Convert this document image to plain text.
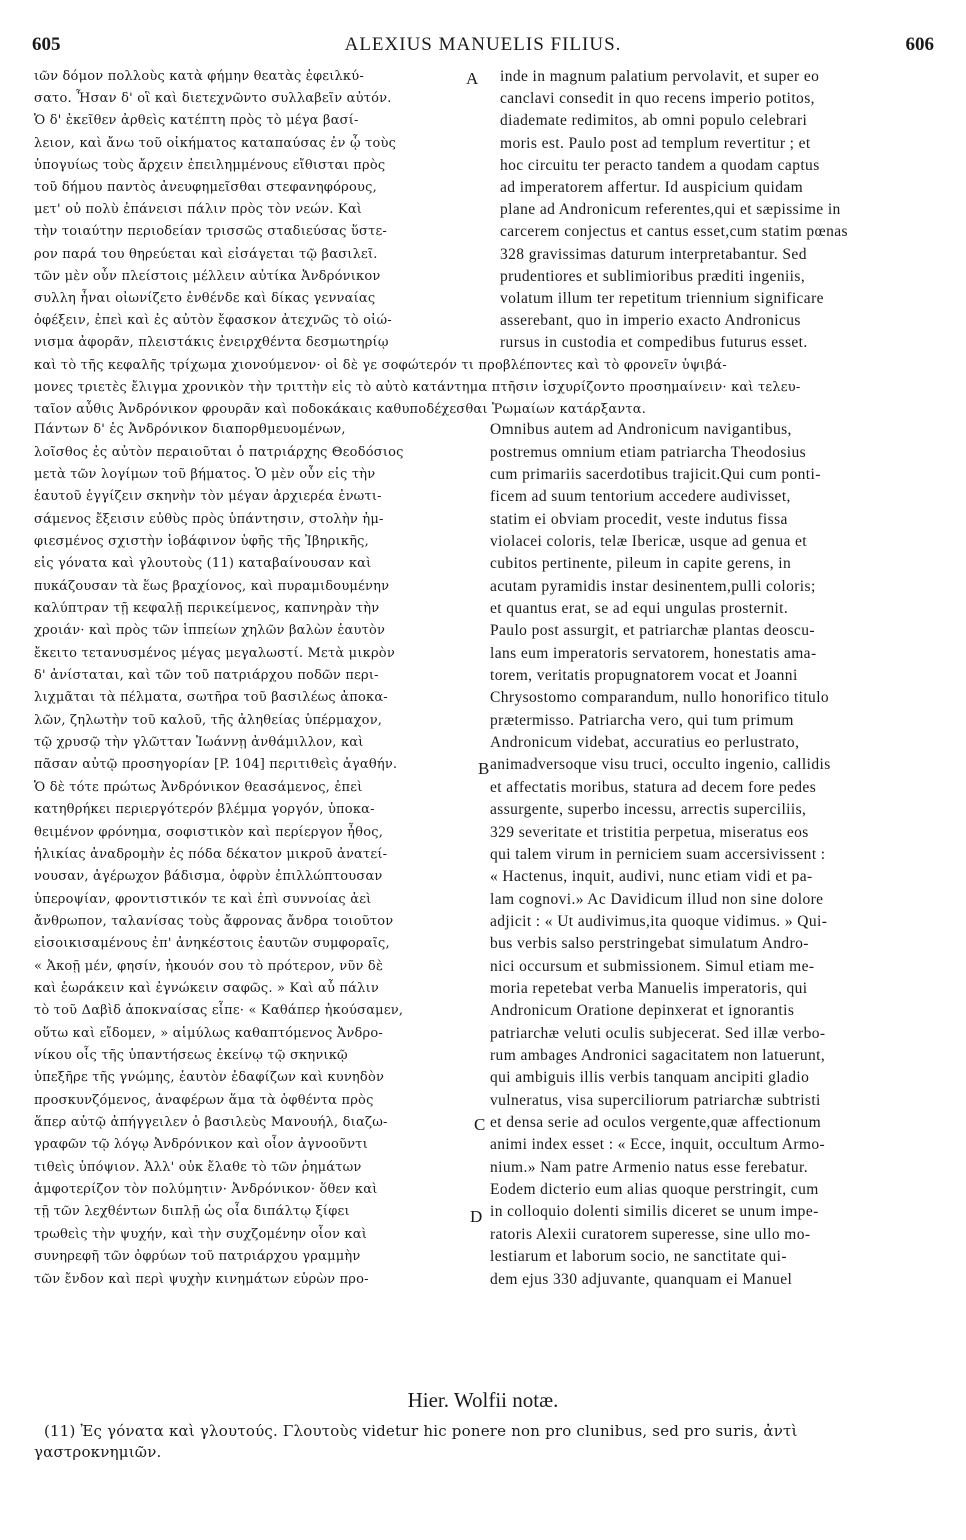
605	ALEXIUS MANUELIS FILIUS.	606
ιῶν δόμον πολλοὺς κατὰ φήμην θεατὰς ἐφειλκύ-
σατο. Ἦσαν δ' οἳ καὶ διετεχνῶντο συλλαβεῖν αὐτόν.
Ὁ δ' ἐκεῖθεν ἀρθεὶς κατέπτη πρὸς τὸ μέγα βασί-
λειον, καὶ ἄνω τοῦ οἰκήματος καταπαύσας ἐν ᾧ τοὺς
ὑπογυίως τοὺς ἄρχειν ἐπειλημμένους εἴθισται πρὸς
τοῦ δήμου παντὸς ἀνευφημεῖσθαι στεφανηφόρους,
μετ' οὐ πολὺ ἐπάνεισι πάλιν πρὸς τὸν νεών. Καὶ
τὴν τοιαύτην περιοδείαν τρισσῶς σταδιεύσας ὕστε-
ρον παρά του θηρεύεται καὶ εἰσάγεται τῷ βασιλεῖ.
τῶν μὲν οὖν πλείστοις μέλλειν αὐτίκα Ἀνδρόνικον
συλλη ἦναι οἰωνίζετο ἐνθένδε καὶ δίκας γενναίας
ὀφέξειν, ἐπεὶ καὶ ἐς αὐτὸν ἔφασκον ἀτεχνῶς τὸ οἰώ-
νισμα ἀφορᾶν, πλειστάκις ἐνειρχθέντα δεσμωτηρίῳ
inde in magnum palatium pervolavit, et super eo
canclavi consedit in quo recens imperio potitos,
diademate redimitos, ab omni populo celebrari
moris est. Paulo post ad templum revertitur ; et
hoc circuitu ter peracto tandem a quodam captus
ad imperatorem affertur. Id auspicium quidam
plane ad Andronicum referentes,qui et sæpissime in
carcerem conjectus et cantus esset,cum statim pœnas
328 gravissimas daturum interpretabantur. Sed
prudentiores et sublimioribus præditi ingeniis,
volatum illum ter repetitum triennium significare
asserebant, quo in imperio exacto Andronicus
rursus in custodia et compedibus futurus esset.
καὶ τὸ τῆς κεφαλῆς τρίχωμα χιονούμενον· οἱ δὲ γε σοφώτερόν τι προβλέποντες καὶ τὸ φρονεῖν ὑψιβά-
μονες τριετὲς ἔλιγμα χρονικὸν τὴν τριττὴν εἰς τὸ αὐτὸ κατάντημα πτῆσιν ἰσχυρίζοντο προσημαίνειν· καὶ τελευ-
ταῖον αὖθις Ἀνδρόνικον φρουρᾶν καὶ ποδοκάκαις καθυποδέχεσθαι Ῥωμαίων κατάρξαντα.
Πάντων δ' ἐς Ἀνδρόνικον διαπορθμευομένων,
λοῖσθος ἐς αὐτὸν περαιοῦται ὁ πατριάρχης Θεοδόσιος
μετὰ τῶν λογίμων τοῦ βήματος. Ὁ μὲν οὖν εἰς τὴν
ἑαυτοῦ ἐγγίζειν σκηνὴν τὸν μέγαν ἀρχιερέα ἐνωτι-
σάμενος ἔξεισιν εὐθὺς πρὸς ὑπάντησιν, στολὴν ἠμ-
φιεσμένος σχιστὴν ἰοβάφινον ὑφῆς τῆς Ἰβηρικῆς,
εἰς γόνατα καὶ γλουτοὺς (11) καταβαίνουσαν καὶ
πυκάζουσαν τὰ ἕως βραχίονος, καὶ πυραμιδουμένην
καλύπτραν τῇ κεφαλῇ περικείμενος, καπνηρὰν τὴν
χροιάν· καὶ πρὸς τῶν ἱππείων χηλῶν βαλὼν ἑαυτὸν
ἔκειτο τετανυσμένος μέγας μεγαλωστί. Μετὰ μικρὸν
δ' ἀνίσταται, καὶ τῶν τοῦ πατριάρχου ποδῶν περι-
λιχμᾶται τὰ πέλματα, σωτῆρα τοῦ βασιλέως ἀποκα-
λῶν, ζηλωτὴν τοῦ καλοῦ, τῆς ἀληθείας ὑπέρμαχον,
τῷ χρυσῷ τὴν γλῶτταν Ἰωάννῃ ἀνθάμιλλον, καὶ
πᾶσαν αὐτῷ προσηγορίαν [P. 104] περιτιθεὶς ἀγαθήν.
Ὁ δὲ τότε πρώτως Ἀνδρόνικον θεασάμενος, ἐπεὶ
κατηθρήκει περιεργότερόν βλέμμα γοργόν, ὑποκα-
θειμένον φρόνημα, σοφιστικὸν καὶ περίεργον ἦθος,
ἡλικίας ἀναδρομὴν ἐς πόδα δέκατον μικροῦ ἀνατεί-
νουσαν, ἀγέρωχον βάδισμα, ὀφρὺν ἐπιλλώπτουσαν
ὑπεροψίαν, φροντιστικόν τε καὶ ἐπὶ συννοίας ἀεὶ
ἄνθρωπον, ταλανίσας τοὺς ἄφρονας ἄνδρα τοιοῦτον
εἰσοικισαμένους ἐπ' ἀνηκέστοις ἑαυτῶν συμφοραῖς,
« Ἀκοῇ μέν, φησίν, ἠκουόν σου τὸ πρότερον, νῦν δὲ
καὶ ἑωράκειν καὶ ἐγνώκειν σαφῶς. » Καὶ αὖ πάλιν
τὸ τοῦ Δαβὶδ ἀποκναίσας εἶπε· « Καθάπερ ἠκούσαμεν,
οὕτω καὶ εἴδομεν, » αἱμύλως καθαπτόμενος Ἀνδρο-
νίκου οἷς τῆς ὑπαντήσεως ἐκείνῳ τῷ σκηνικῷ
ὑπεξῆρε τῆς γνώμης, ἑαυτὸν ἐδαφίζων καὶ κυνηδὸν
προσκυνζόμενος, ἀναφέρων ἅμα τὰ ὀφθέντα πρὸς
ἅπερ αὐτῷ ἀπήγγειλεν ὁ βασιλεὺς Μανουήλ, διαζω-
γραφῶν τῷ λόγῳ Ἀνδρόνικον καὶ οἷον ἀγνοοῦντι
τιθεὶς ὑπόψιον. Ἀλλ' οὐκ ἔλαθε τὸ τῶν ῥημάτων
ἀμφοτερίζον τὸν πολύμητιν· Ἀνδρόνικον· ὅθεν καὶ
τῇ τῶν λεχθέντων διπλῇ ὡς οἷα διπάλτῳ ξίφει
τρωθεὶς τὴν ψυχήν, καὶ τὴν συχζομένην οἷον καὶ
συνηρεφῆ τῶν ὀφρύων τοῦ πατριάρχου γραμμὴν
τῶν ἔνδον καὶ περὶ ψυχὴν κινημάτων εὑρὼν προ-
Omnibus autem ad Andronicum navigantibus,
postremus omnium etiam patriarcha Theodosius
cum primariis sacerdotibus trajicit.Qui cum ponti-
ficem ad suum tentorium accedere audivisset,
statim ei obviam procedit, veste indutus fissa
violacei coloris, telæ Ibericæ, usque ad genua et
cubitos pertinente, pileum in capite gerens, in
acutam pyramidis instar desinentem,pulli coloris;
et quantus erat, se ad equi ungulas prosternit.
Paulo post assurgit, et patriarchæ plantas deoscu-
lans eum imperatoris servatorem, honestatis ama-
torem, veritatis propugnatorem vocat et Joanni
Chrysostomo comparandum, nullo honorifico titulo
prætermisso. Patriarcha vero, qui tum primum
Andronicum videbat, accuratius eo perlustrato,
animadversoque visu truci, occulto ingenio, callidis
et affectatis moribus, statura ad decem fore pedes
assurgente, superbo incessu, arrectis superciliis,
329 severitate et tristitia perpetua, miseratus eos
qui talem virum in perniciem suam accersivissent :
« Hactenus, inquit, audivi, nunc etiam vidi et pa-
lam cognovi.» Ac Davidicum illud non sine dolore
adjicit : « Ut audivimus,ita quoque vidimus. » Qui-
bus verbis salso perstringebat simulatum Andro-
nici occursum et submissionem. Simul etiam me-
moria repetebat verba Manuelis imperatoris, qui
Andronicum Oratione depinxerat et ignorantis
patriarchæ veluti oculis subjecerat. Sed illæ verbo-
rum ambages Andronici sagacitatem non latuerunt,
qui ambiguis illis verbis tanquam ancipiti gladio
vulneratus, visa superciliorum patriarchæ subtristi
et densa serie ad oculos vergente,quæ affectionum
animi index esset : « Ecce, inquit, occultum Armo-
nium.» Nam patre Armenio natus esse ferebatur.
Eodem dicterio eum alias quoque perstringit, cum
in colloquio dolenti similis diceret se unum impe-
ratoris Alexii curatorem superesse, sine ullo mo-
lestiarum et laborum socio, ne sanctitate qui-
dem ejus 330 adjuvante, quanquam ei Manuel
A
B
C
D
Hier. Wolfii notæ.
(11) Ἐς γόνατα καὶ γλουτούς. Γλουτοὺς videtur hic ponere non pro clunibus, sed pro suris, ἀντὶ
γαστροκνημιῶν.
